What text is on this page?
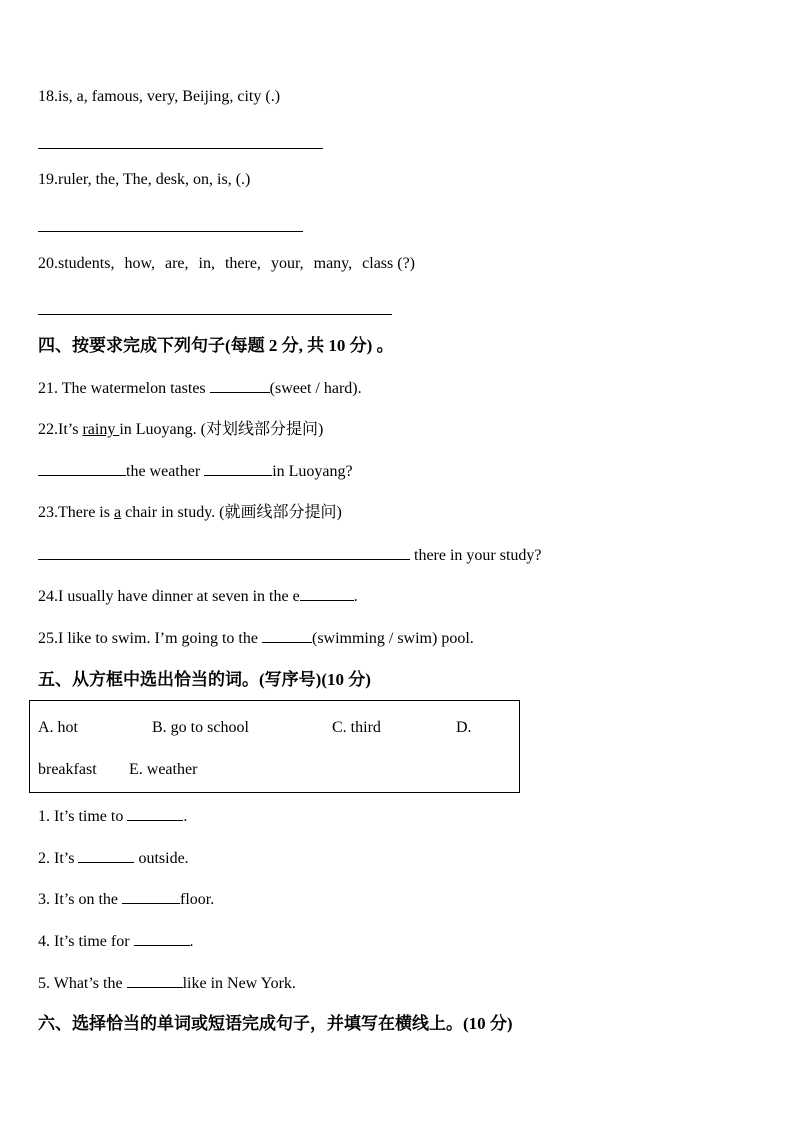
18.is, a, famous, very, Beijing, city (.)
19.ruler, the, The, desk, on, is, (.)
20.students, how, are, in, there, your, many, class (?)
四、按要求完成下列句子(每题 2 分, 共 10 分) 。
21. The watermelon tastes	(sweet / hard).
22.It’s rainy in Luoyang. (对划线部分提问)
the weather	in Luoyang?
23.There is a chair in study. (就画线部分提问)
there in your study?
24.I usually have dinner at seven in the e	.
25.I like to swim. I’m going to the	(swimming / swim) pool.
五、从方框中选出恰当的词。(写序号)(10 分)
A. hot	B. go to school	C. third	D.
breakfast E. weather
1. It’s time to	.
2. It’s	outside.
3. It’s on the	floor.
4. It’s time for	.
5. What’s the	like in New York.
六、选择恰当的单词或短语完成句子，并填写在横线上。(10 分)
